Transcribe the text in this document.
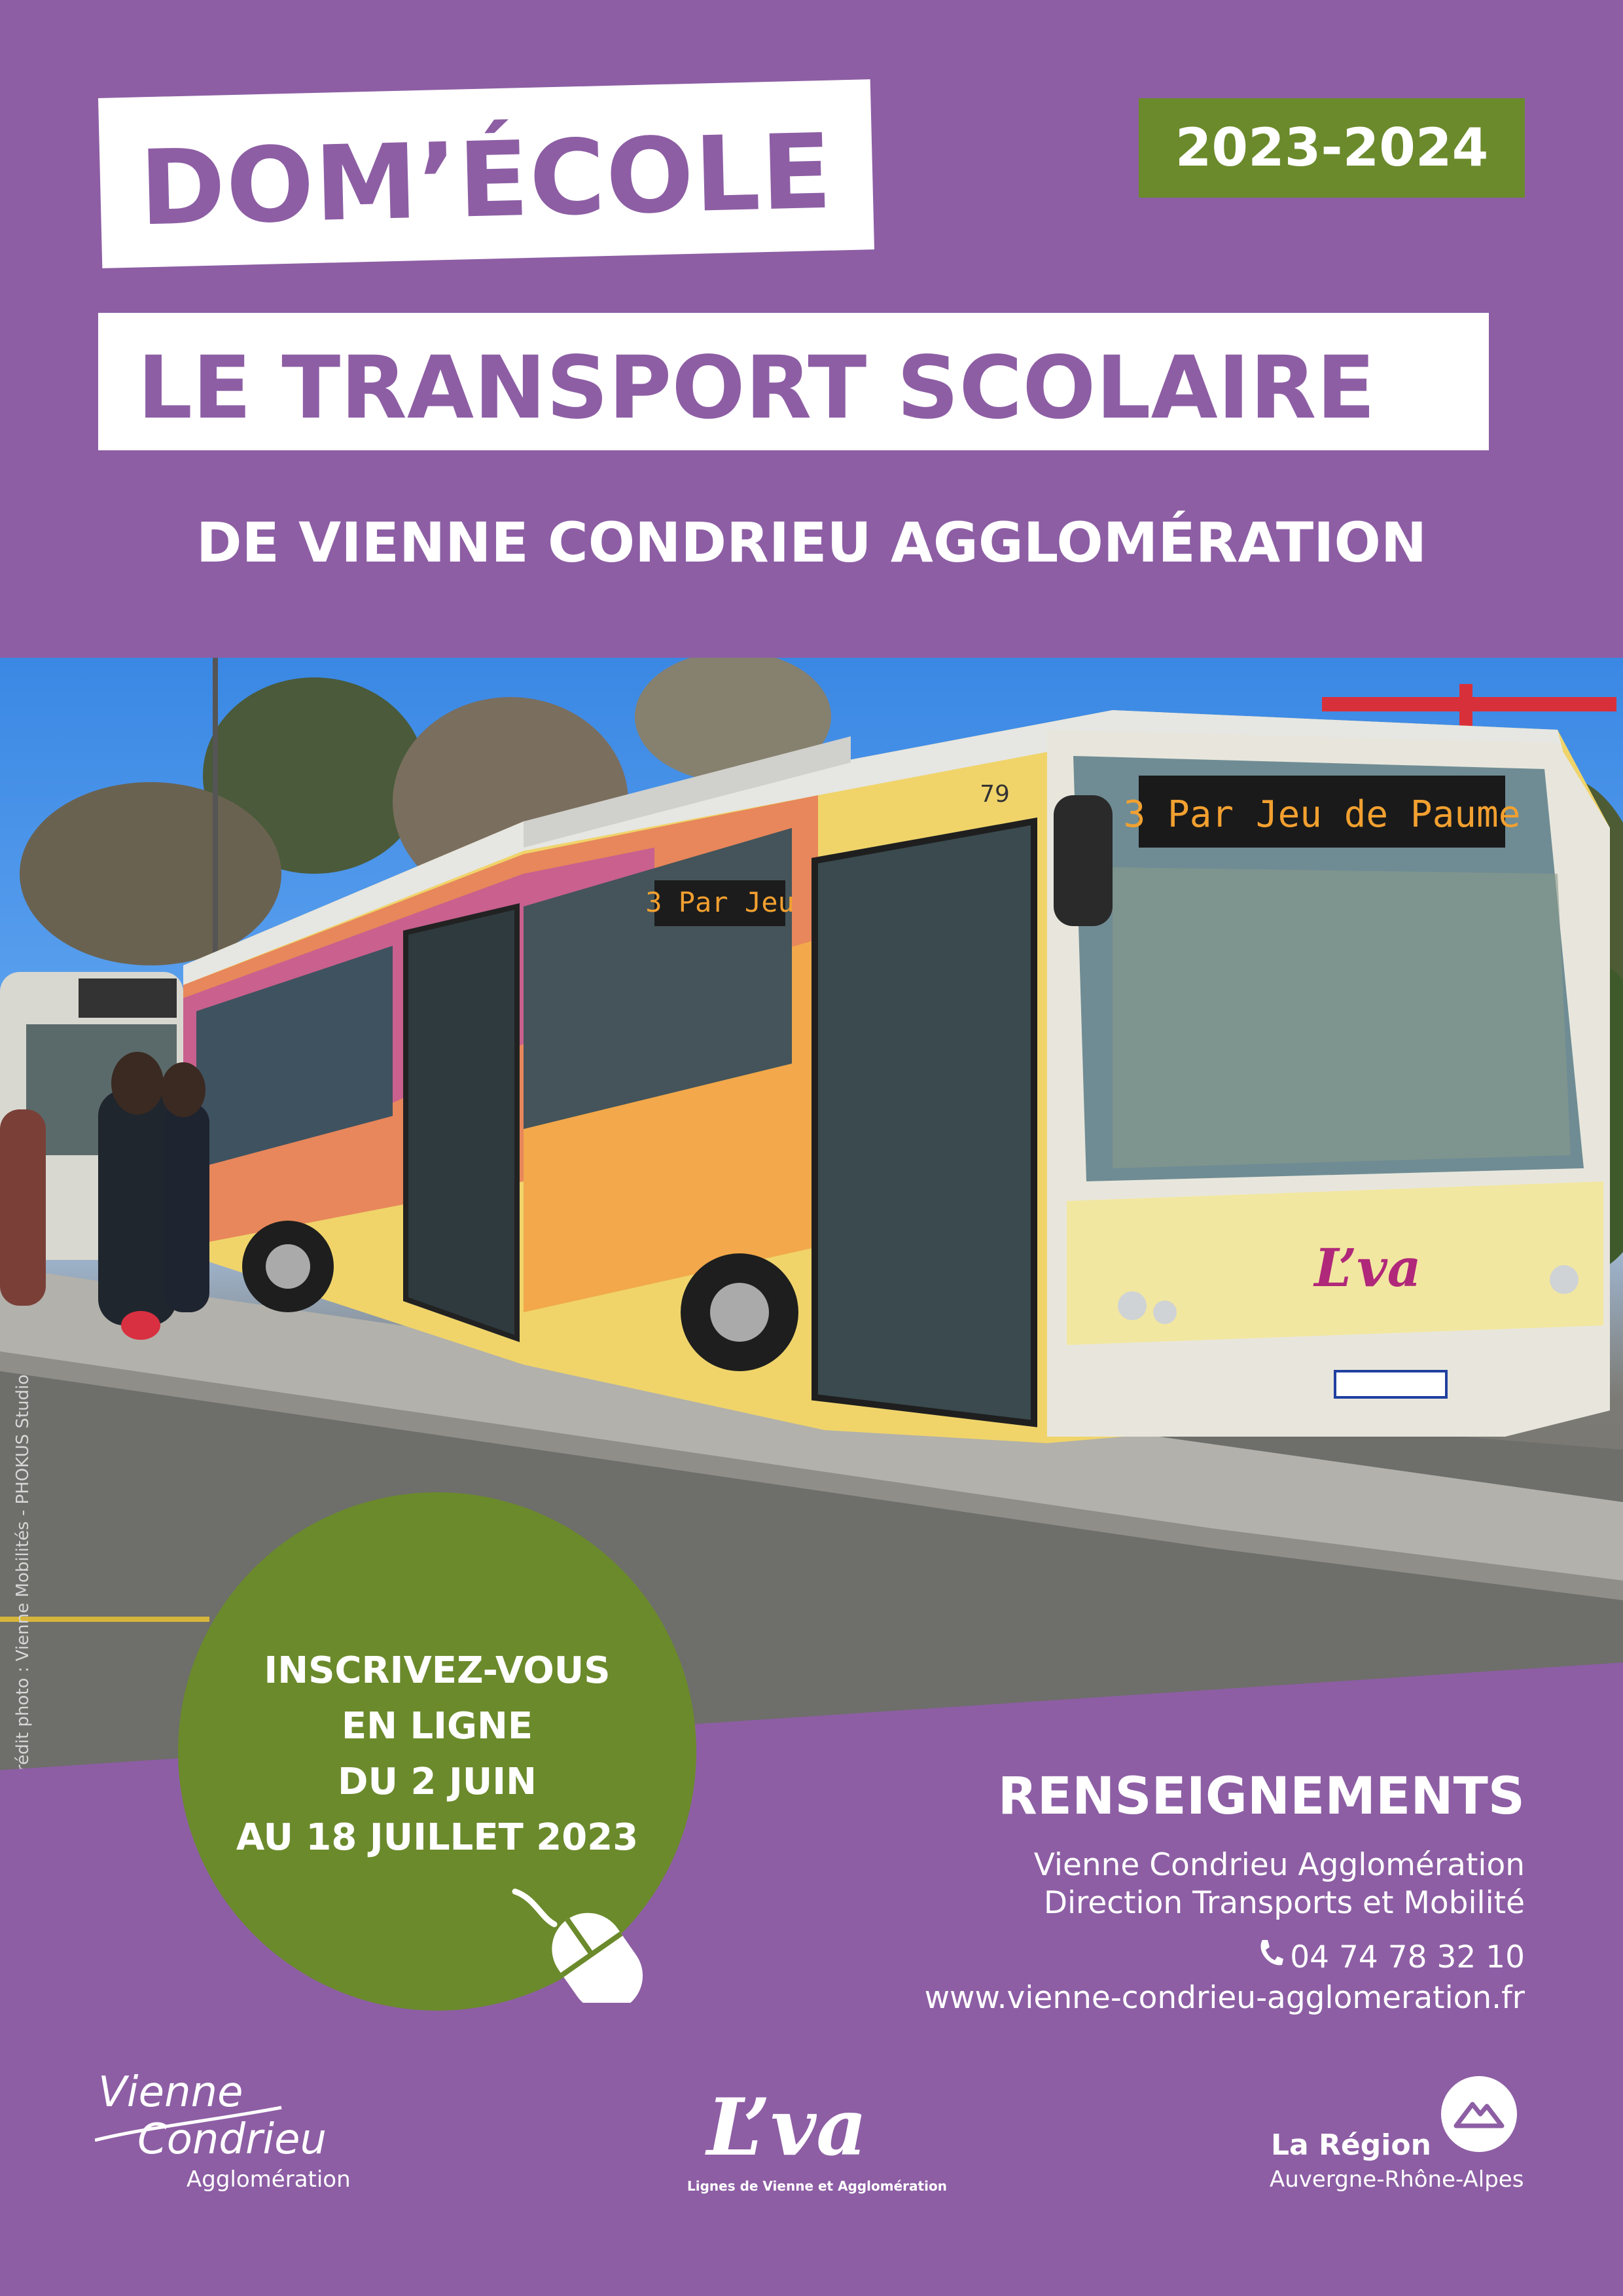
DOM’ÉCOLE
LE TRANSPORT SCOLAIRE
2023-2024
DE VIENNE CONDRIEU AGGLOMÉRATION
3 Par Jeu
79	3 Par Jeu de Paume
L’va
Crédit photo : Vienne Mobilités - PHOKUS Studio	INSCRIVEZ-VOUS
EN LIGNE
DU 2 JUIN
AU 18 JUILLET 2023
RENSEIGNEMENTS
Vienne Condrieu Agglomération
Direction Transports et Mobilité
04 74 78 32 10
www.vienne-condrieu-agglomeration.fr
Vienne
Condrieu
Agglomération
L’va
Lignes de Vienne et Agglomération
La Région
Auvergne-Rhône-Alpes
